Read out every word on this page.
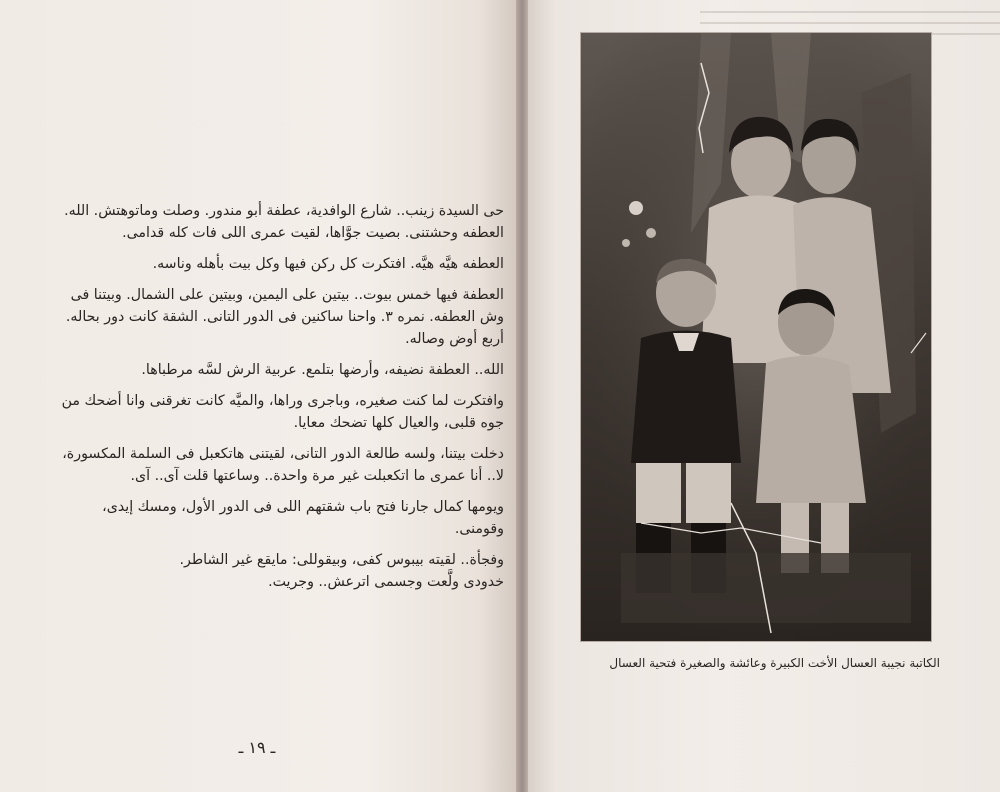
حى السيدة زينب.. شارع الوافدية، عطفة أبو مندور. وصلت وماتوهتش. الله.
العطفه وحشتنى. بصيت جوَّاها، لقيت عمرى اللى فات كله قدامى.
العطفه هيَّه هيَّه. افتكرت كل ركن فيها وكل بيت بأهله وناسه.
العطفة فيها خمس بيوت.. بيتين على اليمين، وبيتين على الشمال. وبيتنا فى
وش العطفه. نمره ٣. واحنا ساكنين فى الدور التانى. الشقة كانت دور بحاله.
أربع أوض وصاله.
الله.. العطفة نضيفه، وأرضها بتلمع. عربية الرش لسَّه مرطباها.
وافتكرت لما كنت صغيره، وباجرى وراها، والميَّه كانت تغرقنى وانا أضحك من
جوه قلبى، والعيال كلها تضحك معايا.
دخلت بيتنا، ولسه طالعة الدور التانى، لقيتنى هاتكعبل فى السلمة المكسورة،
لا.. أنا عمرى ما اتكعبلت غير مرة واحدة.. وساعتها قلت آى.. آى.
ويومها كمال جارنا فتح باب شقتهم اللى فى الدور الأول، ومسك إيدى،
وقومنى.
وفجأة.. لقيته بيبوس كفى، وبيقوللى: مايقع غير الشاطر.
خدودى ولَّعت وجسمى اترعش.. وجريت.
ـ ١٩ ـ
الكاتبة نجيبة العسال الأخت الكبيرة وعائشة والصغيرة فتحية العسال
